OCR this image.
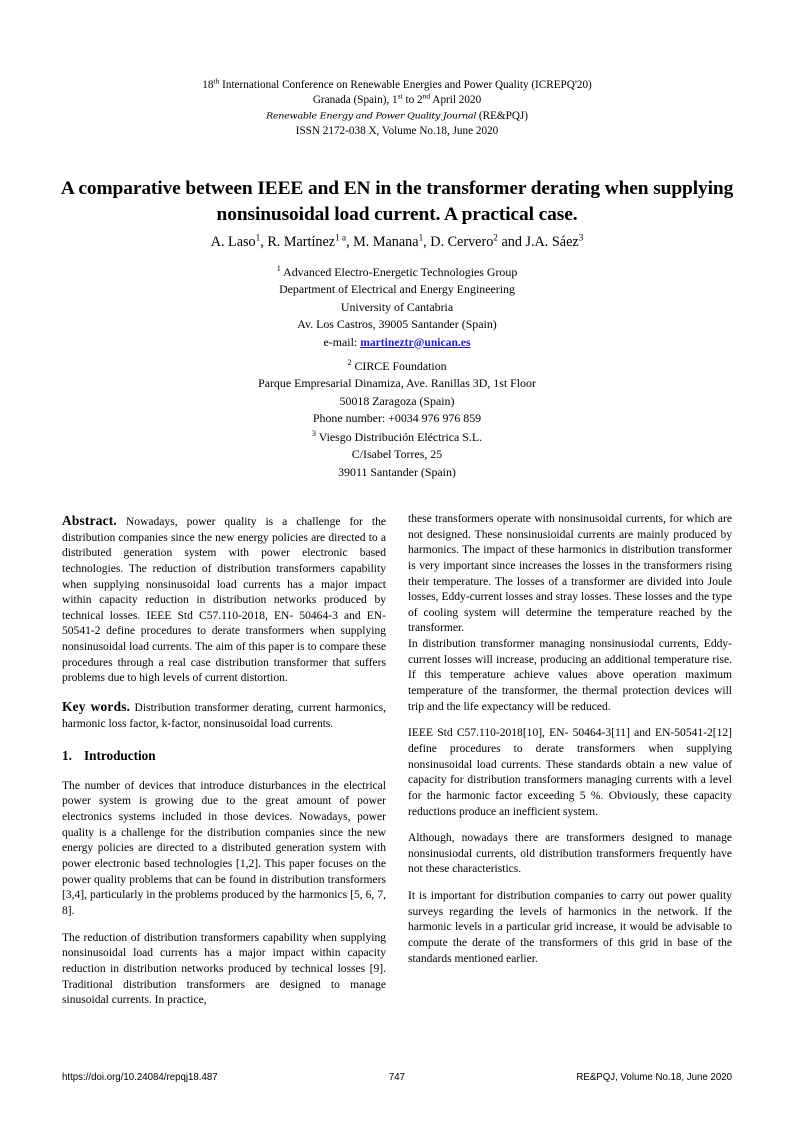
18th International Conference on Renewable Energies and Power Quality (ICREPQ'20)
Granada (Spain), 1st to 2nd April 2020
Renewable Energy and Power Quality Journal (RE&PQJ)
ISSN 2172-038 X, Volume No.18, June 2020
A comparative between IEEE and EN in the transformer derating when supplying nonsinusoidal load current. A practical case.
A. Laso$^1$, R. Martínez$^{1 a}$, M. Manana$^1$, D. Cervero$^2$ and J.A. Sáez$^3$
$^1$ Advanced Electro-Energetic Technologies Group
Department of Electrical and Energy Engineering
University of Cantabria
Av. Los Castros, 39005 Santander (Spain)
e-mail: martineztr@unican.es
$^2$ CIRCE Foundation
Parque Empresarial Dinamiza, Ave. Ranillas 3D, 1st Floor
50018 Zaragoza (Spain)
Phone number: +0034 976 976 859
$^3$ Viesgo Distribución Eléctrica S.L.
C/Isabel Torres, 25
39011 Santander (Spain)

Abstract. Nowadays, power quality is a challenge for the distribution companies since the new energy policies are directed to a distributed generation system with power electronic based technologies. The reduction of distribution transformers capability when supplying nonsinusoidal load currents has a major impact within capacity reduction in distribution networks produced by technical losses. IEEE Std C57.110-2018, EN- 50464-3 and EN-50541-2 define procedures to derate transformers when supplying nonsinusoidal load currents. The aim of this paper is to compare these procedures through a real case distribution transformer that suffers problems due to high levels of current distortion.

Key words. Distribution transformer derating, current harmonics, harmonic loss factor, k-factor, nonsinusoidal load currents.

1. Introduction

The number of devices that introduce disturbances in the electrical power system is growing due to the great amount of power electronics systems included in those devices. Nowadays, power quality is a challenge for the distribution companies since the new energy policies are directed to a distributed generation system with power electronic based technologies [1,2]. This paper focuses on the power quality problems that can be found in distribution transformers [3,4], particularly in the problems produced by the harmonics [5, 6, 7, 8].

The reduction of distribution transformers capability when supplying nonsinusoidal load currents has a major impact within capacity reduction in distribution networks produced by technical losses [9]. Traditional distribution transformers are designed to manage sinusoidal currents. In practice,

these transformers operate with nonsinusoidal currents, for which are not designed. These nonsinusioidal currents are mainly produced by harmonics. The impact of these harmonics in distribution transformer is very important since increases the losses in the transformers rising their temperature. The losses of a transformer are divided into Joule losses, Eddy-current losses and stray losses. These losses and the type of cooling system will determine the temperature reached by the transformer.

In distribution transformer managing nonsinusiodal currents, Eddy-current losses will increase, producing an additional temperature rise. If this temperature achieve values above operation maximum temperature of the transformer, the thermal protection devices will trip and the life expectancy will be reduced.

IEEE Std C57.110-2018[10], EN- 50464-3[11] and EN-50541-2[12] define procedures to derate transformers when supplying nonsinusoidal load currents. These standards obtain a new value of capacity for distribution transformers managing currents with a level for the harmonic factor exceeding 5 %. Obviously, these capacity reductions produce an inefficient system.

Although, nowadays there are transformers designed to manage nonsinusiodal currents, old distribution transformers frequently have not these characteristics.

It is important for distribution companies to carry out power quality surveys regarding the levels of harmonics in the network. If the harmonic levels in a particular grid increase, it would be advisable to compute the derate of the transformers of this grid in base of the standards mentioned earlier.

https://doi.org/10.24084/repqj18.487	747	RE&PQJ, Volume No.18, June 2020
